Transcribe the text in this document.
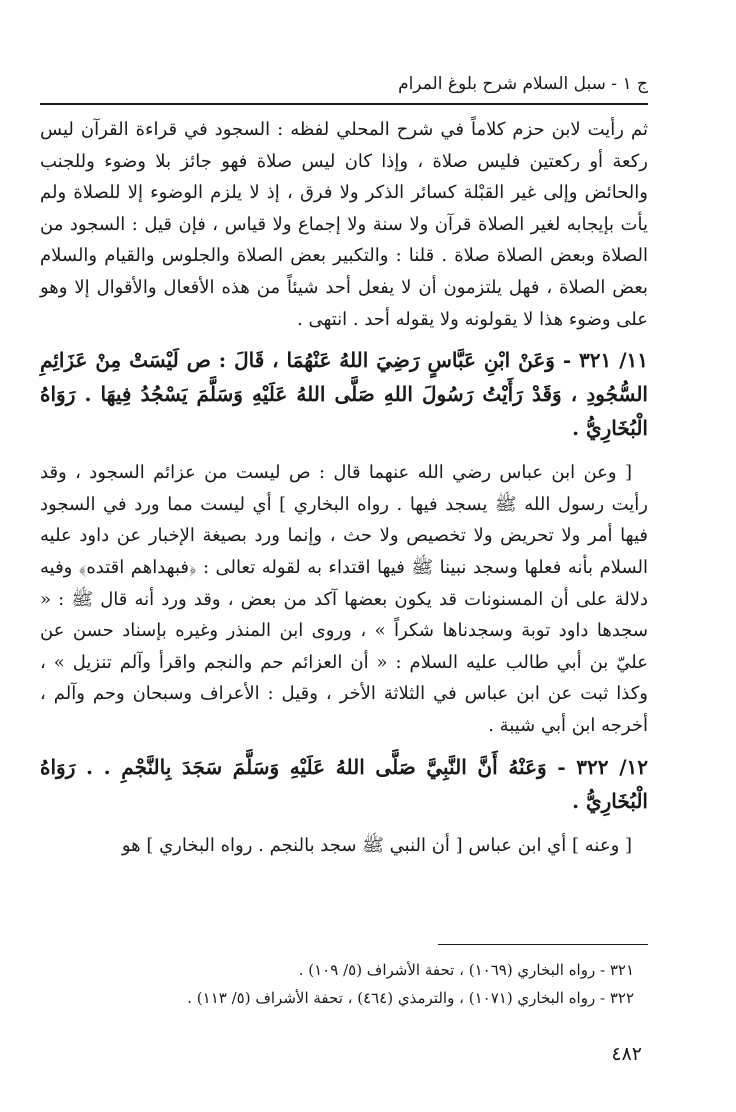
ج ١ - سبل السلام شرح بلوغ المرام

ثم رأيت لابن حزم كلاماً في شرح المحلي لفظه : السجود في قراءة القرآن ليس ركعة أو ركعتين فليس صلاة ، وإذا كان ليس صلاة فهو جائز بلا وضوء وللجنب والحائض وإلى غير القبْلة كسائر الذكر ولا فرق ، إذ لا يلزم الوضوء إلا للصلاة ولم يأت بإيجابه لغير الصلاة قرآن ولا سنة ولا إجماع ولا قياس ، فإن قيل : السجود من الصلاة وبعض الصلاة صلاة . قلنا : والتكبير بعض الصلاة والجلوس والقيام والسلام بعض الصلاة ، فهل يلتزمون أن لا يفعل أحد شيئاً من هذه الأفعال والأقوال إلا وهو على وضوء هذا لا يقولونه ولا يقوله أحد . انتهى .

١١/ ٣٢١ - وَعَنْ ابْنِ عَبَّاسٍ رَضِيَ اللهُ عَنْهُمَا ، قَالَ : ص لَيْسَتْ مِنْ عَزَائِمِ السُّجُودِ ، وَقَدْ رَأَيْتُ رَسُولَ اللهِ صَلَّى اللهُ عَلَيْهِ وَسَلَّمَ يَسْجُدُ فِيهَا . رَوَاهُ الْبُخَارِيُّ .

[ وعن ابن عباس رضي الله عنهما قال : ص ليست من عزائم السجود ، وقد رأيت رسول الله ﷺ يسجد فيها . رواه البخاري ] أي ليست مما ورد في السجود فيها أمر ولا تحريض ولا تخصيص ولا حث ، وإنما ورد بصيغة الإخبار عن داود عليه السلام بأنه فعلها وسجد نبينا ﷺ فيها اقتداء به لقوله تعالى : ﴿فبهداهم اقتده﴾ وفيه دلالة على أن المسنونات قد يكون بعضها آكد من بعض ، وقد ورد أنه قال ﷺ : « سجدها داود توبة وسجدناها شكراً » ، وروى ابن المنذر وغيره بإسناد حسن عن عليّ بن أبي طالب عليه السلام : « أن العزائم حم والنجم واقرأ وآلم تنزيل » ، وكذا ثبت عن ابن عباس في الثلاثة الأخر ، وقيل : الأعراف وسبحان وحم وآلم ، أخرجه ابن أبي شيبة .

١٢/ ٣٢٢ - وَعَنْهُ أَنَّ النَّبِيَّ صَلَّى اللهُ عَلَيْهِ وَسَلَّمَ سَجَدَ بِالنَّجْمِ . . رَوَاهُ الْبُخَارِيُّ .

[ وعنه ] أي ابن عباس [ أن النبي ﷺ سجد بالنجم . رواه البخاري ] هو

٣٢١ - رواه البخاري (١٠٦٩) ، تحفة الأشراف (٥/ ١٠٩) .

٣٢٢ - رواه البخاري (١٠٧١) ، والترمذي (٤٦٤) ، تحفة الأشراف (٥/ ١١٣) .

٤٨٢
